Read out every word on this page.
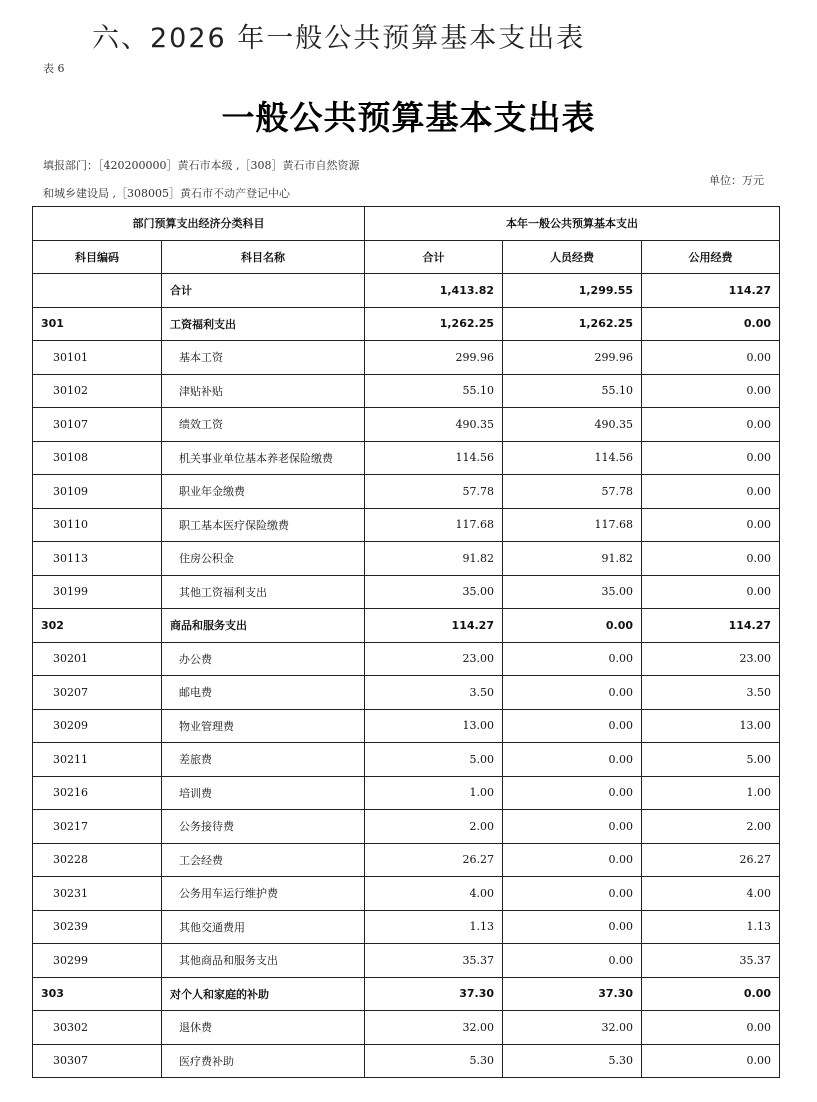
六、2026 年一般公共预算基本支出表
表 6
一般公共预算基本支出表
填报部门：［420200000］黄石市本级 ,［308］黄石市自然资源
和城乡建设局 ,［308005］黄石市不动产登记中心
单位：万元
部门预算支出经济分类科目		本年一般公共预算基本支出		
科目编码	科目名称	合计	人员经费	公用经费
	合计	1,413.82	1,299.55	114.27
301	工资福利支出	1,262.25	1,262.25	0.00
30101	基本工资	299.96	299.96	0.00
30102	津贴补贴	55.10	55.10	0.00
30107	绩效工资	490.35	490.35	0.00
30108	机关事业单位基本养老保险缴费	114.56	114.56	0.00
30109	职业年金缴费	57.78	57.78	0.00
30110	职工基本医疗保险缴费	117.68	117.68	0.00
30113	住房公积金	91.82	91.82	0.00
30199	其他工资福利支出	35.00	35.00	0.00
302	商品和服务支出	114.27	0.00	114.27
30201	办公费	23.00	0.00	23.00
30207	邮电费	3.50	0.00	3.50
30209	物业管理费	13.00	0.00	13.00
30211	差旅费	5.00	0.00	5.00
30216	培训费	1.00	0.00	1.00
30217	公务接待费	2.00	0.00	2.00
30228	工会经费	26.27	0.00	26.27
30231	公务用车运行维护费	4.00	0.00	4.00
30239	其他交通费用	1.13	0.00	1.13
30299	其他商品和服务支出	35.37	0.00	35.37
303	对个人和家庭的补助	37.30	37.30	0.00
30302	退休费	32.00	32.00	0.00
30307	医疗费补助	5.30	5.30	0.00
